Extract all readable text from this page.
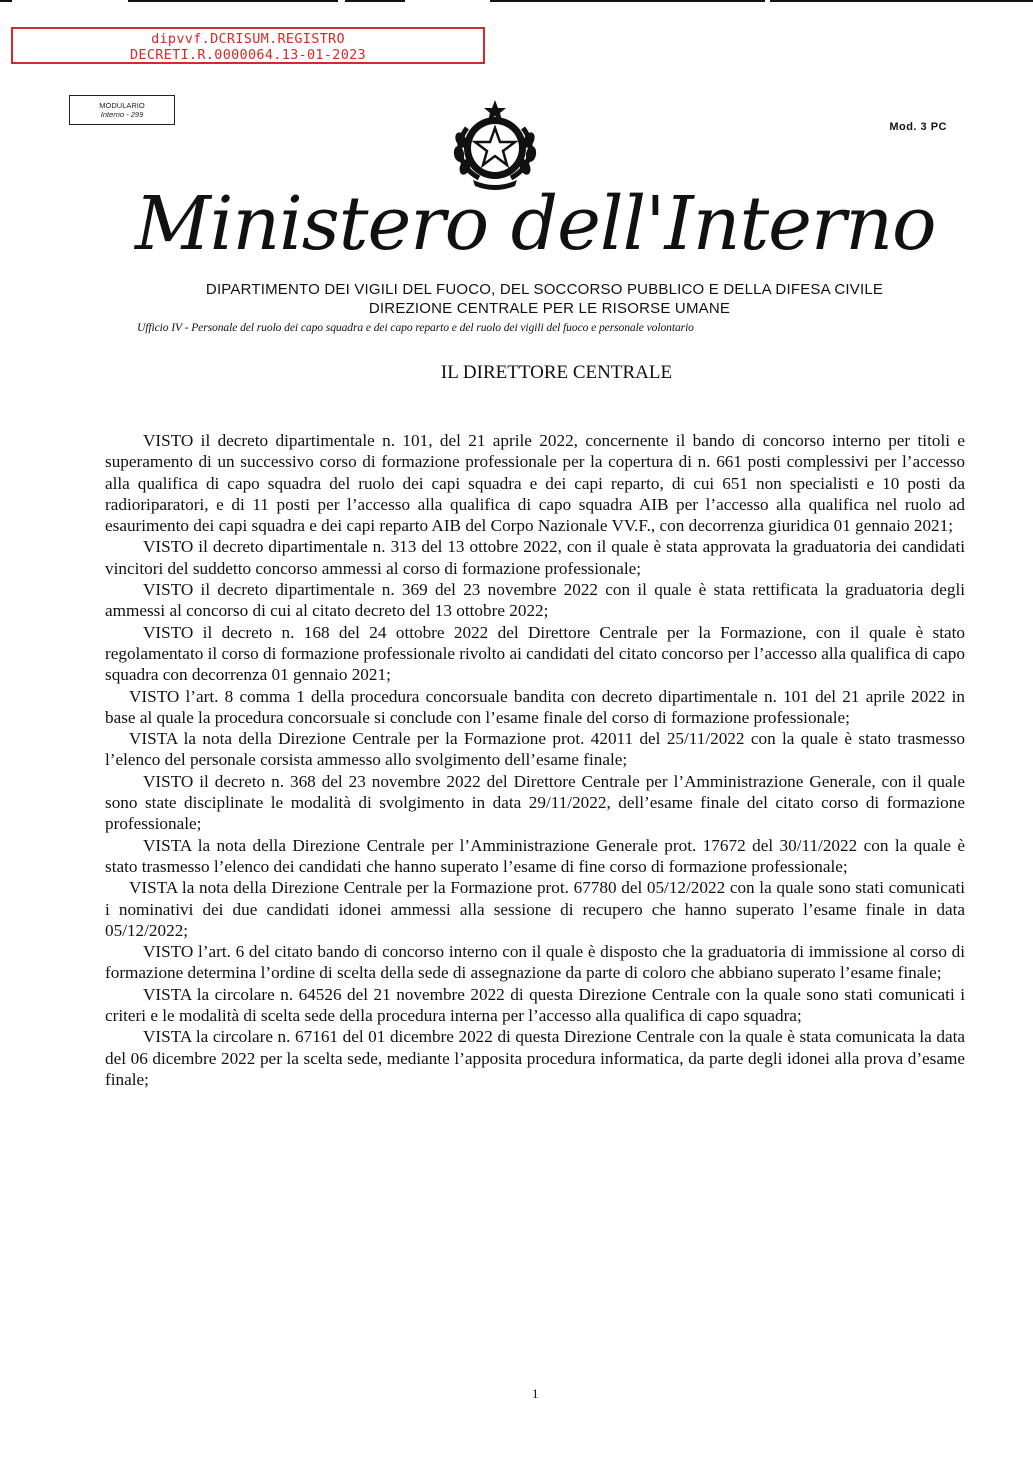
dipvvf.DCRISUM.REGISTRO
DECRETI.R.0000064.13-01-2023
MODULARIO
Interno - 299
Mod. 3 PC
Ministero dell'Interno
DIPARTIMENTO DEI VIGILI DEL FUOCO, DEL SOCCORSO PUBBLICO E DELLA DIFESA CIVILE
DIREZIONE CENTRALE PER LE RISORSE UMANE
Ufficio IV - Personale del ruolo dei capo squadra e dei capo reparto e del ruolo dei vigili del fuoco e personale volontario
IL DIRETTORE CENTRALE

VISTO il decreto dipartimentale n. 101, del 21 aprile 2022, concernente il bando di concorso interno per titoli e superamento di un successivo corso di formazione professionale per la copertura di n. 661 posti complessivi per l’accesso alla qualifica di capo squadra del ruolo dei capi squadra e dei capi reparto, di cui 651 non specialisti e 10 posti da radioriparatori, e di 11 posti per l’accesso alla qualifica di capo squadra AIB per l’accesso alla qualifica nel ruolo ad esaurimento dei capi squadra e dei capi reparto AIB del Corpo Nazionale VV.F., con decorrenza giuridica 01 gennaio 2021;

VISTO il decreto dipartimentale n. 313 del 13 ottobre 2022, con il quale è stata approvata la graduatoria dei candidati vincitori del suddetto concorso ammessi al corso di formazione professionale;

VISTO il decreto dipartimentale n. 369 del 23 novembre 2022 con il quale è stata rettificata la graduatoria degli ammessi al concorso di cui al citato decreto del 13 ottobre 2022;

VISTO il decreto n. 168 del 24 ottobre 2022 del Direttore Centrale per la Formazione, con il quale è stato regolamentato il corso di formazione professionale rivolto ai candidati del citato concorso per l’accesso alla qualifica di capo squadra con decorrenza 01 gennaio 2021;

VISTO l’art. 8 comma 1 della procedura concorsuale bandita con decreto dipartimentale n. 101 del 21 aprile 2022 in base al quale la procedura concorsuale si conclude con l’esame finale del corso di formazione professionale;

VISTA la nota della Direzione Centrale per la Formazione prot. 42011 del 25/11/2022 con la quale è stato trasmesso l’elenco del personale corsista ammesso allo svolgimento dell’esame finale;

VISTO il decreto n. 368 del 23 novembre 2022 del Direttore Centrale per l’Amministrazione Generale, con il quale sono state disciplinate le modalità di svolgimento in data 29/11/2022, dell’esame finale del citato corso di formazione professionale;

VISTA la nota della Direzione Centrale per l’Amministrazione Generale prot. 17672 del 30/11/2022 con la quale è stato trasmesso l’elenco dei candidati che hanno superato l’esame di fine corso di formazione professionale;

VISTA la nota della Direzione Centrale per la Formazione prot. 67780 del 05/12/2022 con la quale sono stati comunicati i nominativi dei due candidati idonei ammessi alla sessione di recupero che hanno superato l’esame finale in data 05/12/2022;

VISTO l’art. 6 del citato bando di concorso interno con il quale è disposto che la graduatoria di immissione al corso di formazione determina l’ordine di scelta della sede di assegnazione da parte di coloro che abbiano superato l’esame finale;

VISTA la circolare n. 64526 del 21 novembre 2022 di questa Direzione Centrale con la quale sono stati comunicati i criteri e le modalità di scelta sede della procedura interna per l’accesso alla qualifica di capo squadra;

VISTA la circolare n. 67161 del 01 dicembre 2022 di questa Direzione Centrale con la quale è stata comunicata la data del 06 dicembre 2022 per la scelta sede, mediante l’apposita procedura informatica, da parte degli idonei alla prova d’esame finale;

1
